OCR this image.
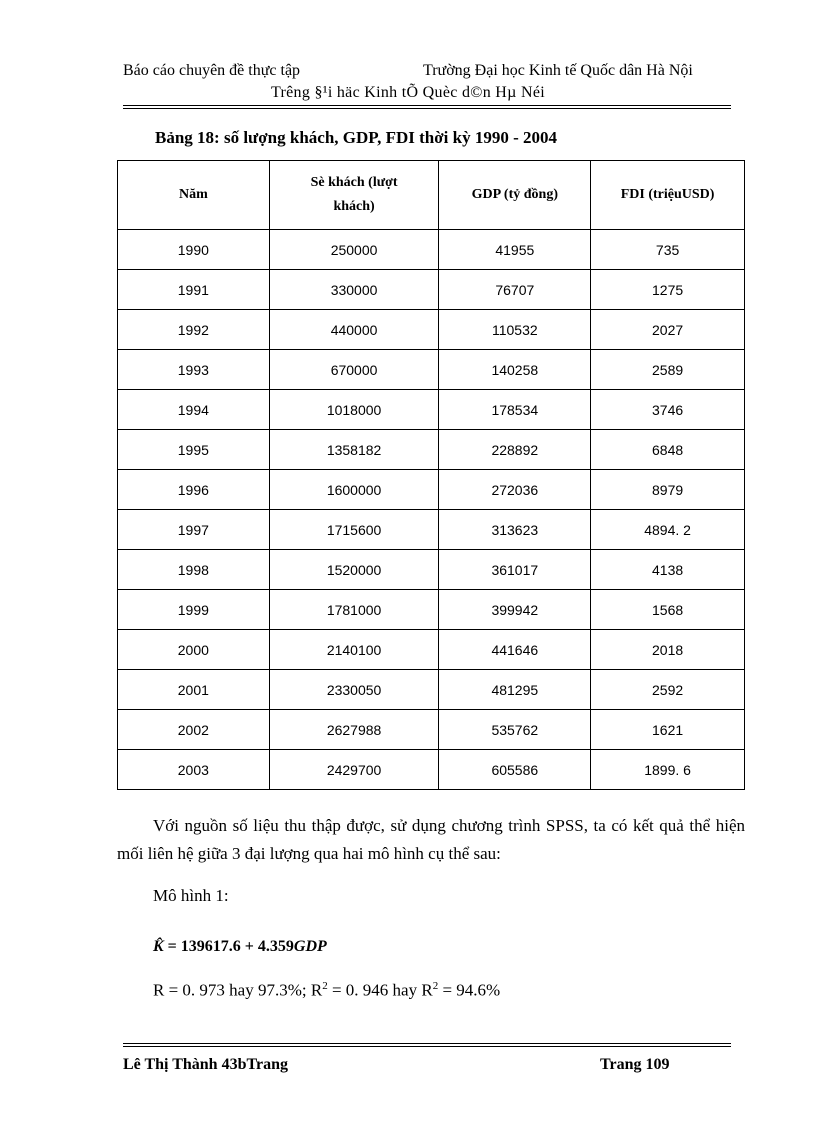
Báo cáo chuyên đề thực tập	Trường Đại học Kinh tế Quốc dân Hà Nội
Trêng §¹i häc Kinh tÕ Quèc d©n Hµ Néi
Bảng 18: số lượng khách, GDP, FDI thời kỳ 1990 - 2004
Năm	Sè khách (lượt khách)	GDP (tỷ đồng)	FDI (triệuUSD)
1990	250000	41955	735
1991	330000	76707	1275
1992	440000	110532	2027
1993	670000	140258	2589
1994	1018000	178534	3746
1995	1358182	228892	6848
1996	1600000	272036	8979
1997	1715600	313623	4894. 2
1998	1520000	361017	4138
1999	1781000	399942	1568
2000	2140100	441646	2018
2001	2330050	481295	2592
2002	2627988	535762	1621
2003	2429700	605586	1899. 6
Với nguồn số liệu thu thập được, sử dụng chương trình SPSS, ta có kết quả thể hiện mối liên hệ giữa 3 đại lượng qua hai mô hình cụ thể sau:
Mô hình 1:
K̂ = 139617.6 + 4.359GDP
R = 0. 973 hay 97.3%; $R^2 = 0$. 946 hay $R^2 = 94.6\%$
Lê Thị Thành 43bTrang	Trang 109
